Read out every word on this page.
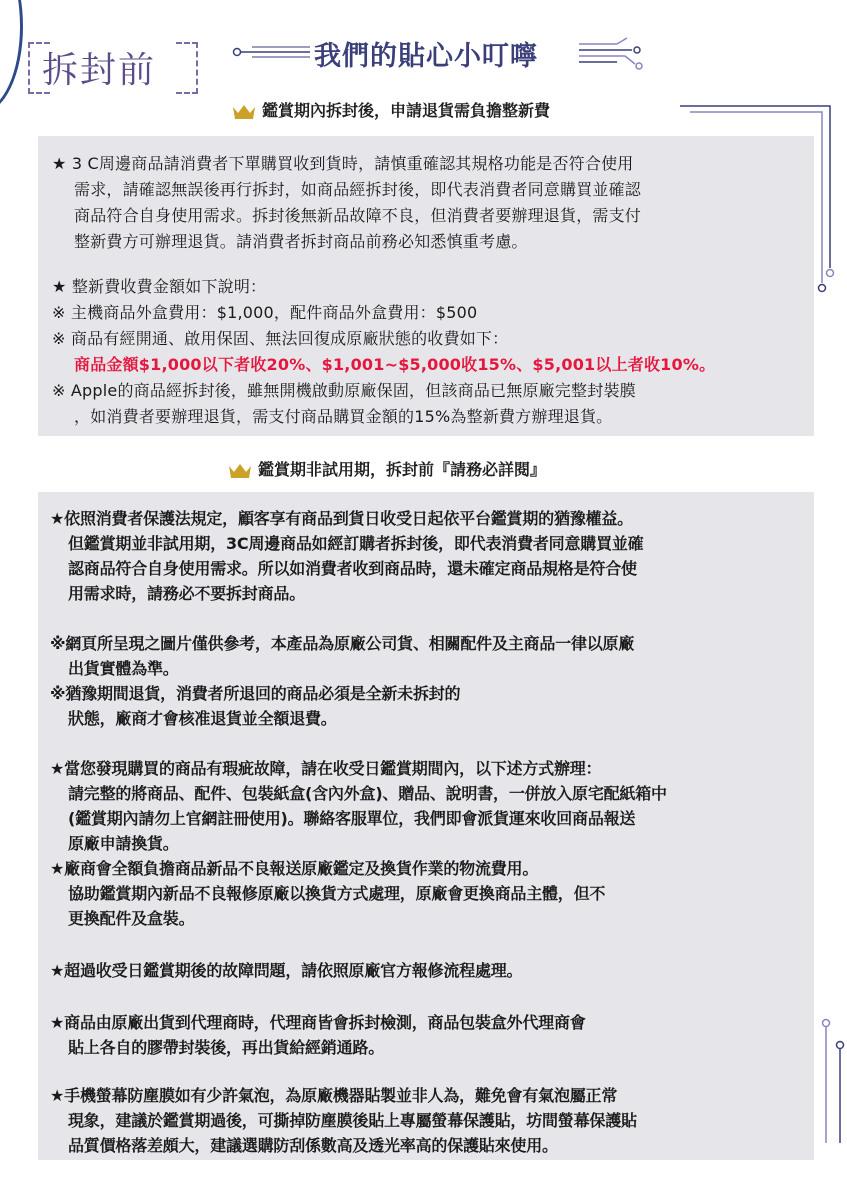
拆封前	我們的貼心小叮嚀
鑑賞期內拆封後，申請退貨需負擔整新費
★ 3 C周邊商品請消費者下單購買收到貨時，請慎重確認其規格功能是否符合使用
需求，請確認無誤後再行拆封，如商品經拆封後，即代表消費者同意購買並確認
商品符合自身使用需求。拆封後無新品故障不良，但消費者要辦理退貨，需支付
整新費方可辦理退貨。請消費者拆封商品前務必知悉慎重考慮。
★ 整新費收費金額如下說明：
※ 主機商品外盒費用：$1,000，配件商品外盒費用：$500
※ 商品有經開通、啟用保固、無法回復成原廠狀態的收費如下：
商品金額$1,000以下者收20%、$1,001~$5,000收15%、$5,001以上者收10%。
※ Apple的商品經拆封後，雖無開機啟動原廠保固，但該商品已無原廠完整封裝膜
，如消費者要辦理退貨，需支付商品購買金額的15%為整新費方辦理退貨。
鑑賞期非試用期，拆封前『請務必詳閱』
★依照消費者保護法規定，顧客享有商品到貨日收受日起依平台鑑賞期的猶豫權益。
但鑑賞期並非試用期，3C周邊商品如經訂購者拆封後，即代表消費者同意購買並確
認商品符合自身使用需求。所以如消費者收到商品時，還未確定商品規格是符合使
用需求時，請務必不要拆封商品。
※網頁所呈現之圖片僅供參考，本產品為原廠公司貨、相關配件及主商品一律以原廠
出貨實體為準。
※猶豫期間退貨，消費者所退回的商品必須是全新未拆封的
狀態，廠商才會核准退貨並全額退費。
★當您發現購買的商品有瑕疵故障，請在收受日鑑賞期間內，以下述方式辦理：
請完整的將商品、配件、包裝紙盒(含內外盒)、贈品、說明書，一併放入原宅配紙箱中
(鑑賞期內請勿上官網註冊使用)。聯絡客服單位，我們即會派貨運來收回商品報送
原廠申請換貨。
★廠商會全額負擔商品新品不良報送原廠鑑定及換貨作業的物流費用。
協助鑑賞期內新品不良報修原廠以換貨方式處理，原廠會更換商品主體，但不
更換配件及盒裝。
★超過收受日鑑賞期後的故障問題，請依照原廠官方報修流程處理。
★商品由原廠出貨到代理商時，代理商皆會拆封檢測，商品包裝盒外代理商會
貼上各自的膠帶封裝後，再出貨給經銷通路。
★手機螢幕防塵膜如有少許氣泡，為原廠機器貼製並非人為，難免會有氣泡屬正常
現象，建議於鑑賞期過後，可撕掉防塵膜後貼上專屬螢幕保護貼，坊間螢幕保護貼
品質價格落差頗大，建議選購防刮係數高及透光率高的保護貼來使用。
